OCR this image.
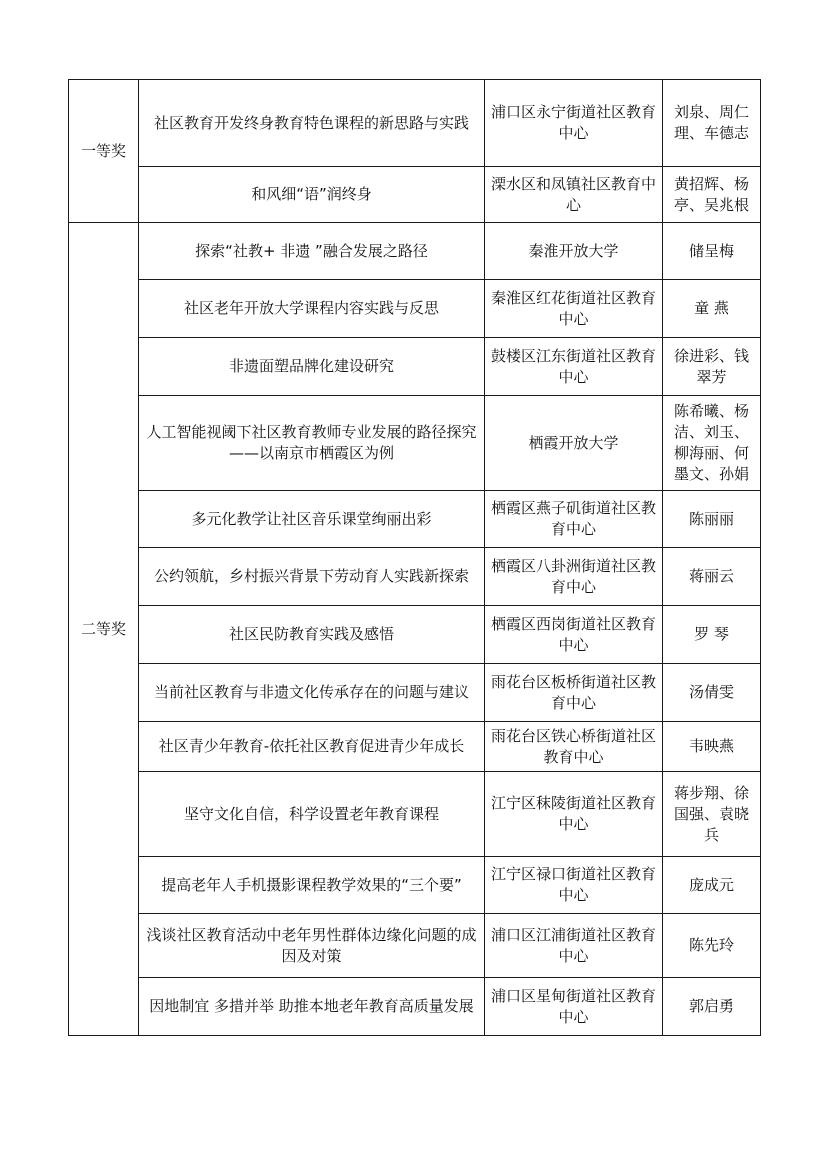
一等奖	社区教育开发终身教育特色课程的新思路与实践	浦口区永宁街道社区教育中心	刘泉、周仁理、车德志
	和风细“语”润终身	溧水区和凤镇社区教育中心	黄招辉、杨亭、吴兆根
二等奖	探索“社教+ 非遗 ”融合发展之路径	秦淮开放大学	储呈梅
	社区老年开放大学课程内容实践与反思	秦淮区红花街道社区教育中心	童 燕
	非遗面塑品牌化建设研究	鼓楼区江东街道社区教育中心	徐进彩、钱翠芳
	人工智能视阈下社区教育教师专业发展的路径探究——以南京市栖霞区为例	栖霞开放大学	陈希曦、杨洁、刘玉、柳海丽、何墨文、孙娟
	多元化教学让社区音乐课堂绚丽出彩	栖霞区燕子矶街道社区教育中心	陈丽丽
	公约领航，乡村振兴背景下劳动育人实践新探索	栖霞区八卦洲街道社区教育中心	蒋丽云
	社区民防教育实践及感悟	栖霞区西岗街道社区教育中心	罗 琴
	当前社区教育与非遗文化传承存在的问题与建议	雨花台区板桥街道社区教育中心	汤倩雯
	社区青少年教育-依托社区教育促进青少年成长	雨花台区铁心桥街道社区教育中心	韦映燕
	坚守文化自信，科学设置老年教育课程	江宁区秣陵街道社区教育中心	蒋步翔、徐国强、袁晓兵
	提高老年人手机摄影课程教学效果的“三个要”	江宁区禄口街道社区教育中心	庞成元
	浅谈社区教育活动中老年男性群体边缘化问题的成因及对策	浦口区江浦街道社区教育中心	陈先玲
	因地制宜 多措并举 助推本地老年教育高质量发展	浦口区星甸街道社区教育中心	郭启勇
